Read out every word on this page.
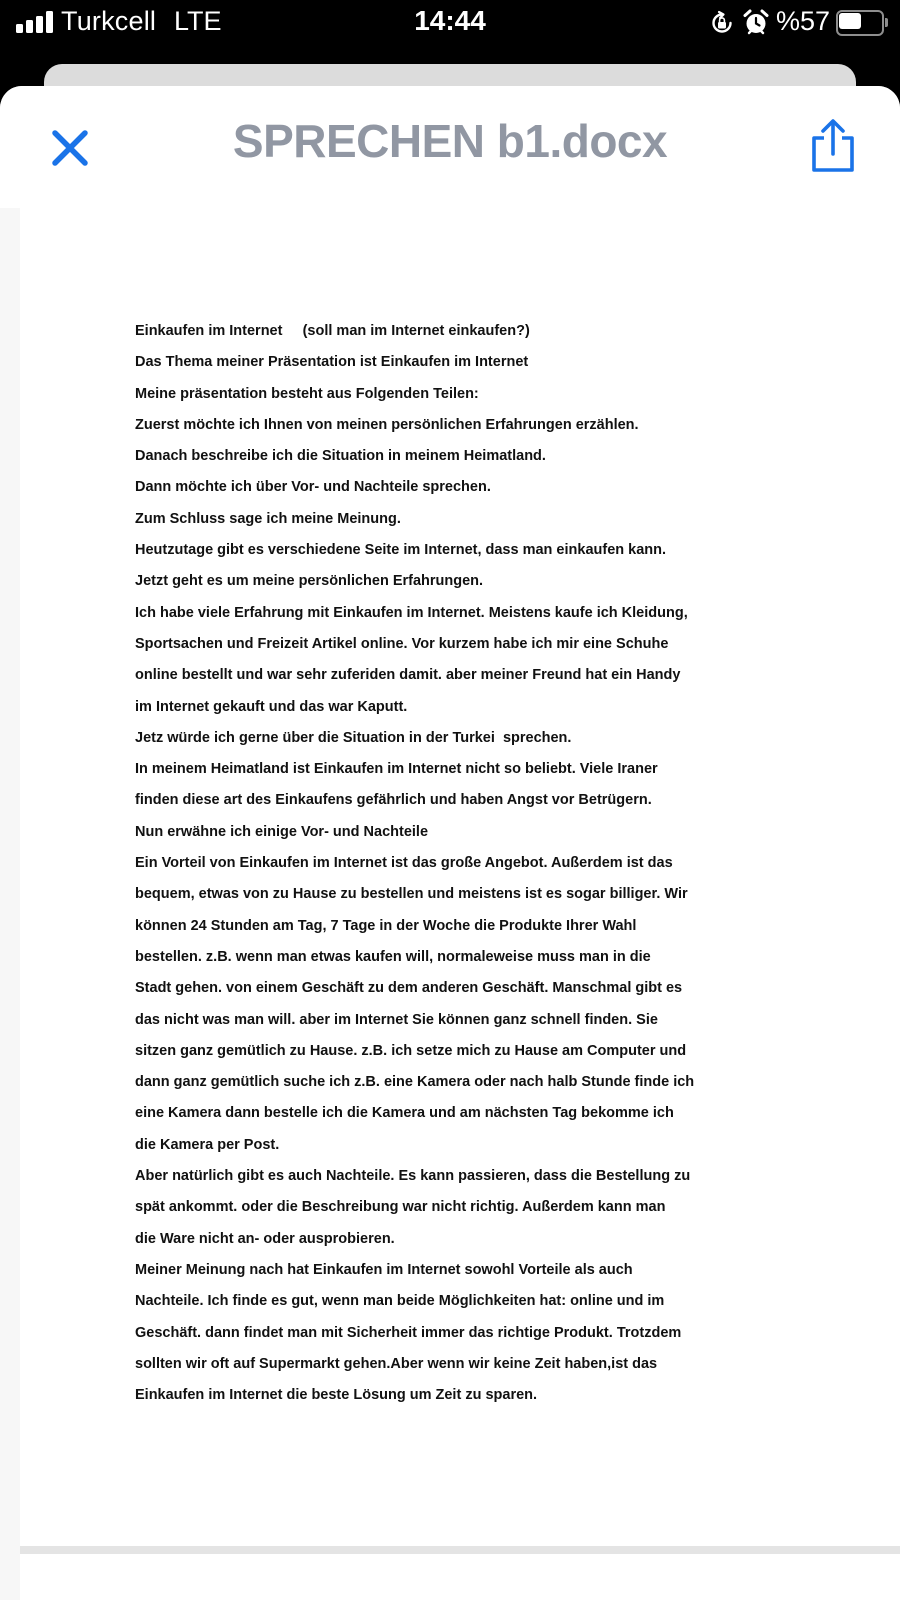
Turkcell LTE	14:44	%57
SPRECHEN b1.docx
Einkaufen im Internet     (soll man im Internet einkaufen?)
Das Thema meiner Präsentation ist Einkaufen im Internet
Meine präsentation besteht aus Folgenden Teilen:
Zuerst möchte ich Ihnen von meinen persönlichen Erfahrungen erzählen.
Danach beschreibe ich die Situation in meinem Heimatland.
Dann möchte ich über Vor- und Nachteile sprechen.
Zum Schluss sage ich meine Meinung.
Heutzutage gibt es verschiedene Seite im Internet, dass man einkaufen kann.
Jetzt geht es um meine persönlichen Erfahrungen.
Ich habe viele Erfahrung mit Einkaufen im Internet. Meistens kaufe ich Kleidung,
Sportsachen und Freizeit Artikel online. Vor kurzem habe ich mir eine Schuhe
online bestellt und war sehr zuferiden damit. aber meiner Freund hat ein Handy
im Internet gekauft und das war Kaputt.
Jetz würde ich gerne über die Situation in der Turkei  sprechen.
In meinem Heimatland ist Einkaufen im Internet nicht so beliebt. Viele Iraner
finden diese art des Einkaufens gefährlich und haben Angst vor Betrügern.
Nun erwähne ich einige Vor- und Nachteile
Ein Vorteil von Einkaufen im Internet ist das große Angebot. Außerdem ist das
bequem, etwas von zu Hause zu bestellen und meistens ist es sogar billiger. Wir
können 24 Stunden am Tag, 7 Tage in der Woche die Produkte Ihrer Wahl
bestellen. z.B. wenn man etwas kaufen will, normaleweise muss man in die
Stadt gehen. von einem Geschäft zu dem anderen Geschäft. Manschmal gibt es
das nicht was man will. aber im Internet Sie können ganz schnell finden. Sie
sitzen ganz gemütlich zu Hause. z.B. ich setze mich zu Hause am Computer und
dann ganz gemütlich suche ich z.B. eine Kamera oder nach halb Stunde finde ich
eine Kamera dann bestelle ich die Kamera und am nächsten Tag bekomme ich
die Kamera per Post.
Aber natürlich gibt es auch Nachteile. Es kann passieren, dass die Bestellung zu
spät ankommt. oder die Beschreibung war nicht richtig. Außerdem kann man
die Ware nicht an- oder ausprobieren.
Meiner Meinung nach hat Einkaufen im Internet sowohl Vorteile als auch
Nachteile. Ich finde es gut, wenn man beide Möglichkeiten hat: online und im
Geschäft. dann findet man mit Sicherheit immer das richtige Produkt. Trotzdem
sollten wir oft auf Supermarkt gehen.Aber wenn wir keine Zeit haben,ist das
Einkaufen im Internet die beste Lösung um Zeit zu sparen.
